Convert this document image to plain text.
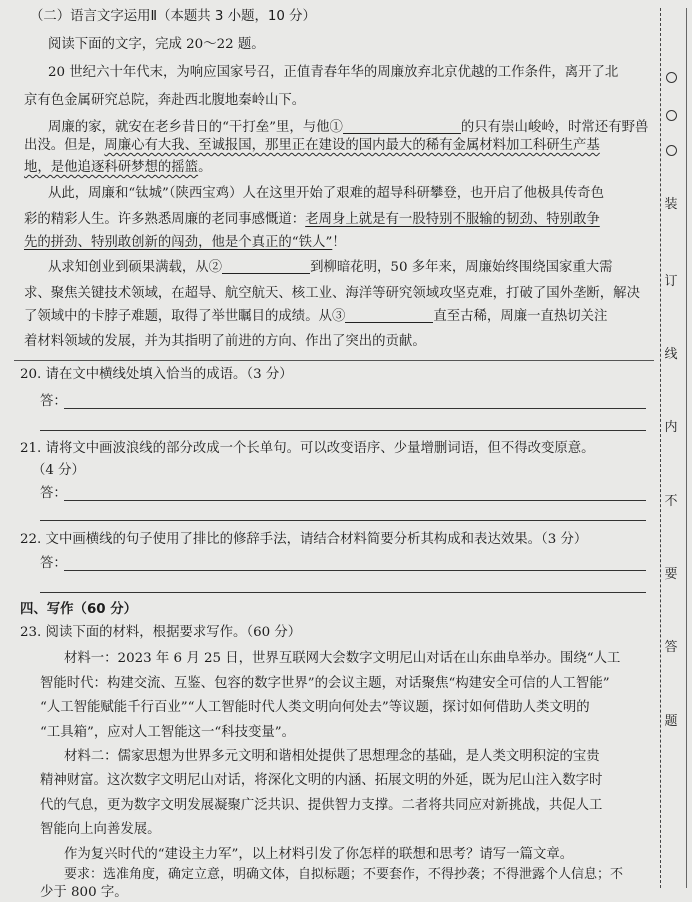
（二）语言文字运用Ⅱ（本题共 3 小题，10 分）
阅读下面的文字，完成 20～22 题。
20 世纪六十年代末，为响应国家号召，正值青春年华的周廉放弃北京优越的工作条件，离开了北
京有色金属研究总院，奔赴西北腹地秦岭山下。
周廉的家，就安在老乡昔日的“干打垒”里，与他①	的只有崇山峻岭，时常还有野兽
出没。但是，周廉心有大我、至诚报国，那里正在建设的国内最大的稀有金属材料加工科研生产基
地，是他追逐科研梦想的摇篮。
从此，周廉和“钛城”（陕西宝鸡）人在这里开始了艰难的超导科研攀登，也开启了他极具传奇色
彩的精彩人生。许多熟悉周廉的老同事感慨道：老周身上就是有一股特别不服输的韧劲、特别敢争
先的拼劲、特别敢创新的闯劲，他是个真正的“铁人”！
从求知创业到硕果满载，从②	到柳暗花明，50 多年来，周廉始终围绕国家重大需
求、聚焦关键技术领域，在超导、航空航天、核工业、海洋等研究领域攻坚克难，打破了国外垄断，解决
了领域中的卡脖子难题，取得了举世瞩目的成绩。从③	直至古稀，周廉一直热切关注
着材料领域的发展，并为其指明了前进的方向、作出了突出的贡献。
20. 请在文中横线处填入恰当的成语。（3 分）
答：
21. 请将文中画波浪线的部分改成一个长单句。可以改变语序、少量增删词语，但不得改变原意。
（4 分）
答：
22. 文中画横线的句子使用了排比的修辞手法，请结合材料简要分析其构成和表达效果。（3 分）
答：
四、写作（60 分）
23. 阅读下面的材料，根据要求写作。（60 分）
材料一：2023 年 6 月 25 日，世界互联网大会数字文明尼山对话在山东曲阜举办。围绕“人工
智能时代：构建交流、互鉴、包容的数字世界”的会议主题，对话聚焦“构建安全可信的人工智能”
“人工智能赋能千行百业”“人工智能时代人类文明向何处去”等议题，探讨如何借助人类文明的
“工具箱”，应对人工智能这一“科技变量”。
材料二：儒家思想为世界多元文明和谐相处提供了思想理念的基础，是人类文明积淀的宝贵
精神财富。这次数字文明尼山对话，将深化文明的内涵、拓展文明的外延，既为尼山注入数字时
代的气息，更为数字文明发展凝聚广泛共识、提供智力支撑。二者将共同应对新挑战，共促人工
智能向上向善发展。
作为复兴时代的“建设主力军”，以上材料引发了你怎样的联想和思考？请写一篇文章。
要求：选准角度，确定立意，明确文体，自拟标题；不要套作，不得抄袭；不得泄露个人信息；不
少于 800 字。
装
订
线
内
不
要
答
题
